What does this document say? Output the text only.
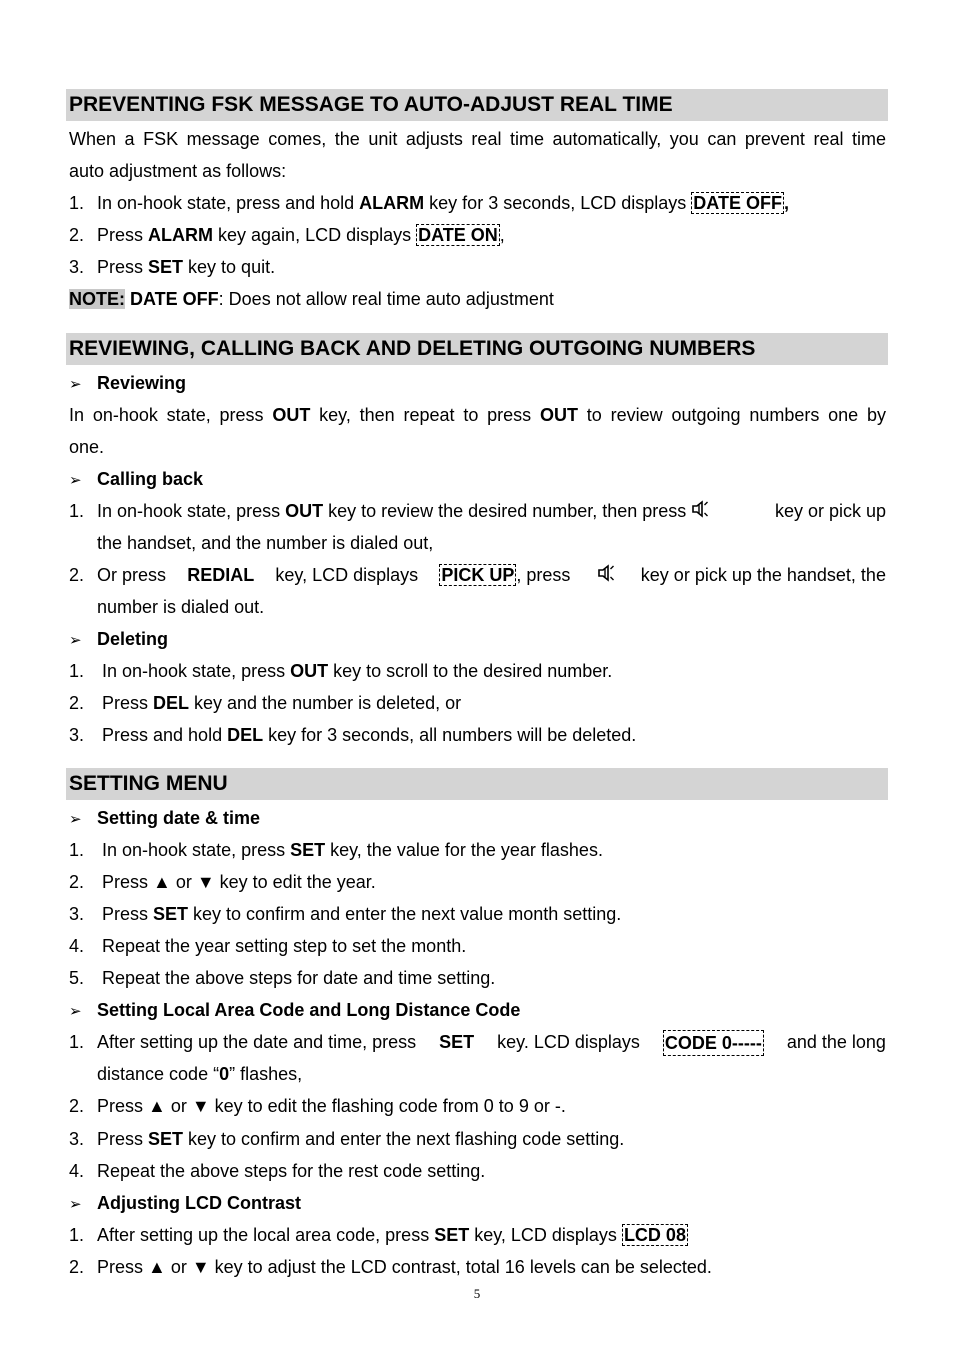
PREVENTING FSK MESSAGE TO AUTO-ADJUST REAL TIME
When a FSK message comes, the unit adjusts real time automatically, you can prevent real time
auto adjustment as follows:
1. In on-hook state, press and hold ALARM key for 3 seconds, LCD displays DATE OFF ,
2. Press ALARM key again, LCD displays DATE ON ,
3. Press SET key to quit.
NOTE: DATE OFF: Does not allow real time auto adjustment
REVIEWING, CALLING BACK AND DELETING OUTGOING NUMBERS
➢ Reviewing
In on-hook state, press OUT key, then repeat to press OUT to review outgoing numbers one by
one.
➢ Calling back
1. In on-hook state, press OUT key to review the desired number, then press	key or pick up
the handset, and the number is dialed out,
2. Or press REDIAL key, LCD displays PICK UP , press	key or pick up the handset, the
number is dialed out.
➢ Deleting
1. In on-hook state, press OUT key to scroll to the desired number.
2. Press DEL key and the number is deleted, or
3. Press and hold DEL key for 3 seconds, all numbers will be deleted.
SETTING MENU
➢ Setting date & time
1. In on-hook state, press SET key, the value for the year flashes.
2. Press ▲ or ▼ key to edit the year.
3. Press SET key to confirm and enter the next value month setting.
4. Repeat the year setting step to set the month.
5. Repeat the above steps for date and time setting.
➢ Setting Local Area Code and Long Distance Code
1. After setting up the date and time, press SET key. LCD displays CODE 0----- and the long
distance code “0” flashes,
2. Press ▲ or ▼ key to edit the flashing code from 0 to 9 or -.
3. Press SET key to confirm and enter the next flashing code setting.
4. Repeat the above steps for the rest code setting.
➢ Adjusting LCD Contrast
1. After setting up the local area code, press SET key, LCD displays LCD 08
2. Press ▲ or ▼ key to adjust the LCD contrast, total 16 levels can be selected.
5
